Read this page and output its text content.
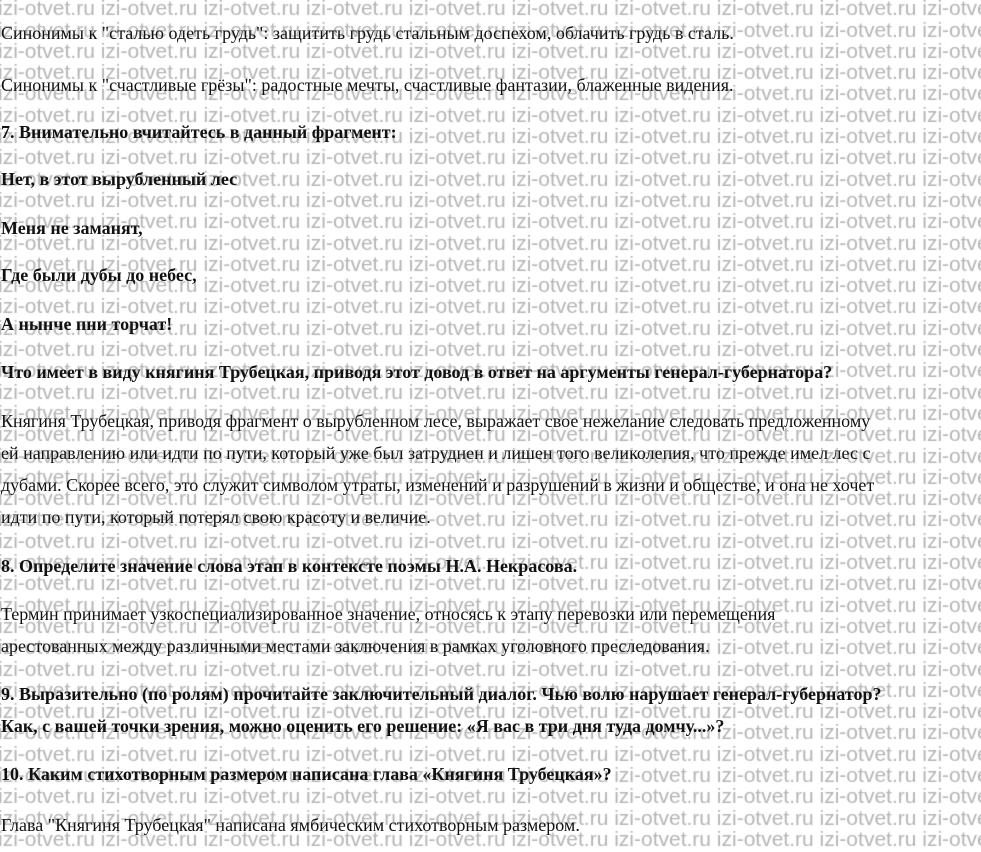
Синонимы к "сталью одеть грудь": защитить грудь стальным доспехом, облачить грудь в сталь.
Синонимы к "счастливые грёзы": радостные мечты, счастливые фантазии, блаженные видения.
7. Внимательно вчитайтесь в данный фрагмент:
Нет, в этот вырубленный лес
Меня не заманят,
Где были дубы до небес,
А нынче пни торчат!
Что имеет в виду княгиня Трубецкая, приводя этот довод в ответ на аргументы генерал-губернатора?
Княгиня Трубецкая, приводя фрагмент о вырубленном лесе, выражает свое нежелание следовать предложенному
ей направлению или идти по пути, который уже был затруднен и лишен того великолепия, что прежде имел лес с
дубами. Скорее всего, это служит символом утраты, изменений и разрушений в жизни и обществе, и она не хочет
идти по пути, который потерял свою красоту и величие.
8. Определите значение слова этап в контексте поэмы Н.А. Некрасова.
Термин принимает узкоспециализированное значение, относясь к этапу перевозки или перемещения
арестованных между различными местами заключения в рамках уголовного преследования.
9. Выразительно (по ролям) прочитайте заключительный диалог. Чью волю нарушает генерал-губернатор?
Как, с вашей точки зрения, можно оценить его решение: «Я вас в три дня туда домчу...»?
10. Каким стихотворным размером написана глава «Княгиня Трубецкая»?
Глава "Княгиня Трубецкая" написана ямбическим стихотворным размером.
